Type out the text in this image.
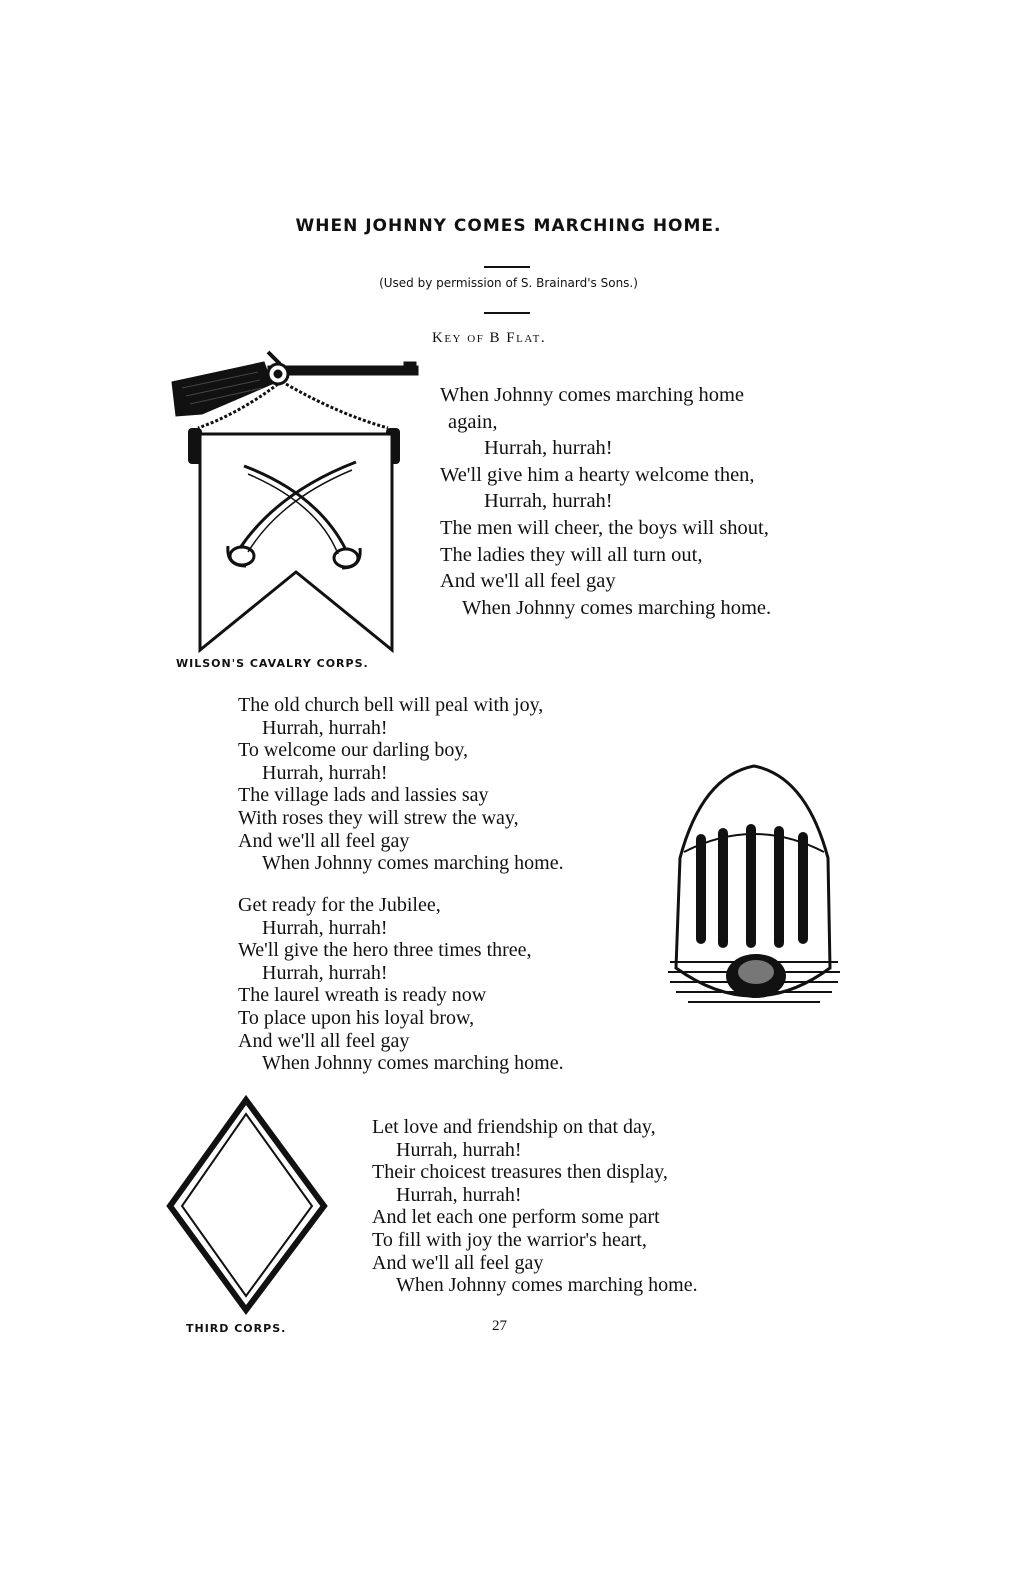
WHEN JOHNNY COMES MARCHING HOME.
(Used by permission of S. Brainard's Sons.)
Key of B Flat.
When Johnny comes marching home
again,
Hurrah, hurrah!
We'll give him a hearty welcome then,
Hurrah, hurrah!
The men will cheer, the boys will shout,
The ladies they will all turn out,
And we'll all feel gay
When Johnny comes marching home.
WILSON'S CAVALRY CORPS.
The old church bell will peal with joy,
Hurrah, hurrah!
To welcome our darling boy,
Hurrah, hurrah!
The village lads and lassies say
With roses they will strew the way,
And we'll all feel gay
When Johnny comes marching home.
Get ready for the Jubilee,
Hurrah, hurrah!
We'll give the hero three times three,
Hurrah, hurrah!
The laurel wreath is ready now
To place upon his loyal brow,
And we'll all feel gay
When Johnny comes marching home.
Let love and friendship on that day,
Hurrah, hurrah!
Their choicest treasures then display,
Hurrah, hurrah!
And let each one perform some part
To fill with joy the warrior's heart,
And we'll all feel gay
When Johnny comes marching home.
THIRD CORPS.	27
